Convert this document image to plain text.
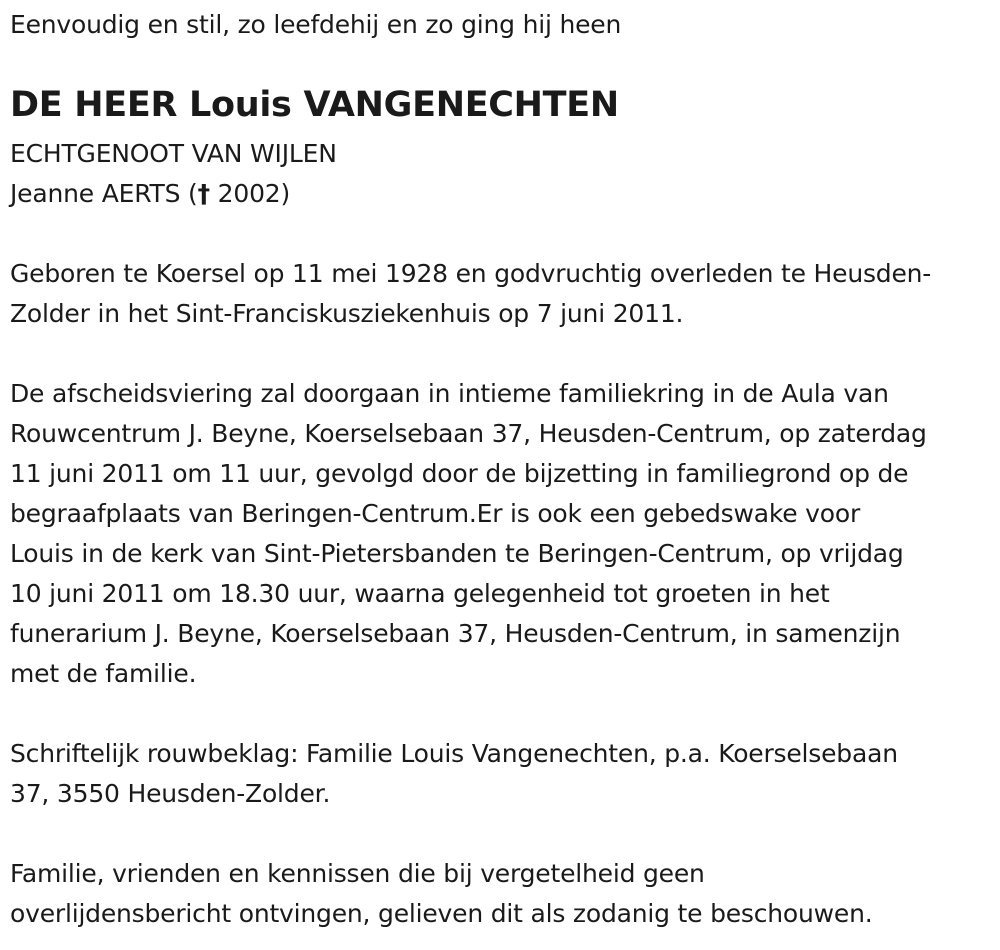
Eenvoudig en stil, zo leefdehij en zo ging hij heen

DE HEER Louis VANGENECHTEN

ECHTGENOOT VAN WIJLEN

Jeanne AERTS († 2002)

Geboren te Koersel op 11 mei 1928 en godvruchtig overleden te Heusden-

Zolder in het Sint-Franciskusziekenhuis op 7 juni 2011.

De afscheidsviering zal doorgaan in intieme familiekring in de Aula van

Rouwcentrum J. Beyne, Koerselsebaan 37, Heusden-Centrum, op zaterdag

11 juni 2011 om 11 uur, gevolgd door de bijzetting in familiegrond op de

begraafplaats van Beringen-Centrum.Er is ook een gebedswake voor

Louis in de kerk van Sint-Pietersbanden te Beringen-Centrum, op vrijdag

10 juni 2011 om 18.30 uur, waarna gelegenheid tot groeten in het

funerarium J. Beyne, Koerselsebaan 37, Heusden-Centrum, in samenzijn

met de familie.

Schriftelijk rouwbeklag: Familie Louis Vangenechten, p.a. Koerselsebaan

37, 3550 Heusden-Zolder.

Familie, vrienden en kennissen die bij vergetelheid geen

overlijdensbericht ontvingen, gelieven dit als zodanig te beschouwen.
